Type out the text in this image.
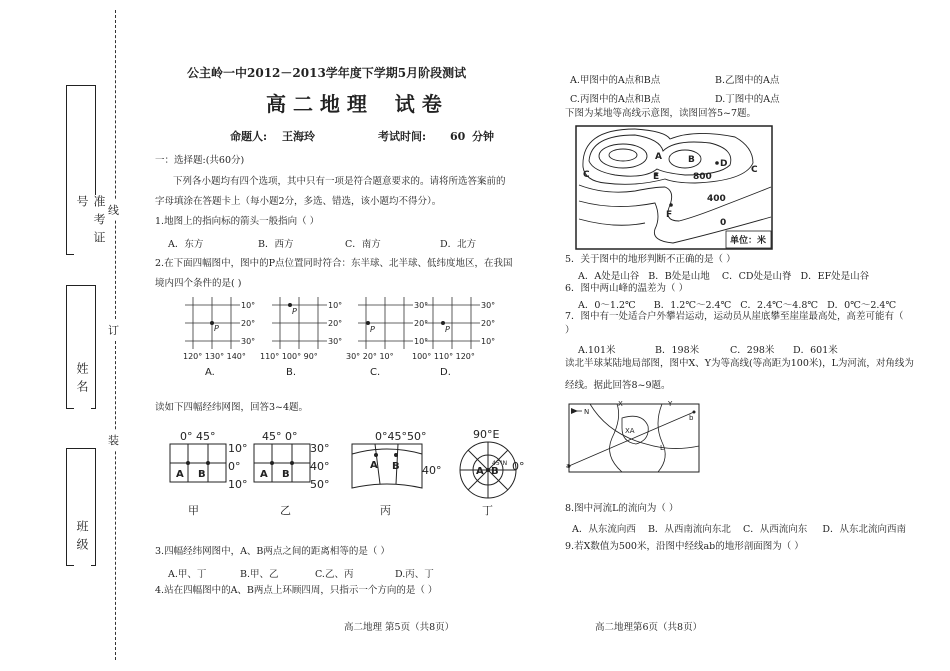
准考证号
姓名
班级
线
订
装
公主岭一中2012－2013学年度下学期5月阶段测试
高 二 地 理    试 卷
命题人: 王海玲	考试时间: 60 分钟
一：选择题:(共60分)
下列各小题均有四个选项，其中只有一项是符合题意要求的。请将所选答案前的
字母填涂在答题卡上（每小题2分，多选、错选，该小题均不得分）。
1.地图上的指向标的箭头一般指向（ ）
A．东方	B．西方	C．南方	D．北方
2.在下面四幅图中，图中的P点位置同时符合：东半球、北半球、低纬度地区，在我国
境内四个条件的是( )
P
P
P	P
10°
20°
30°
120° 130° 140°
A.
10°
20°
30°
110° 100° 90°
B.
30°
20°
10°
30° 20° 10°
C.
30°
20°
10°
100° 110° 120°
D.
读如下四幅经纬网图，回答3~4题。
0° 45°
10°
0°
10°
甲
45° 0°
30°
40°
50°
乙
0°45°50°
40°
丙
90°E
0°
丁
A B	A B
A B	A B
45°N
3.四幅经纬网图中，A、B两点之间的距离相等的是（ ）
A.甲、丁	B.甲、乙	C.乙、丙	D.丙、丁
4.站在四幅图中的A、B两点上环顾四周，只指示一个方向的是（ ）
高二地理 第5页（共8页）	高二地理第6页（共8页）
A.甲图中的A点和B点	B.乙图中的A点
C.丙图中的A点和B点	D.丁图中的A点
下图为某地等高线示意图，读图回答5~7题。
A	B
C	C
D
E
F
800
400
0
单位：米
5．关于图中的地形判断不正确的是（ ）
A．A处是山谷   B．B处是山地    C．CD处是山脊   D．EF处是山谷
6．图中两山峰的温差为（ ）
A．0～1.2℃      B．1.2℃～2.4℃   C．2.4℃～4.8℃   D．0℃～2.4℃
7．图中有一处适合户外攀岩运动，运动员从崖底攀至崖崖最高处，高差可能有（
）
A.101米	B．198米	C．298米 D．601米
读北半球某陆地局部图，图中X、Y为等高线(等高距为100米)，L为河流，对角线为
经线。据此回答8~9题。
N
X	Y
XA
L
a
b
8.图中河流L的流向为（ ）
A．从东流向西    B．从西南流向东北    C．从西流向东     D．从东北流向西南
9.若X数值为500米，沿图中经线ab的地形剖面图为（ ）
